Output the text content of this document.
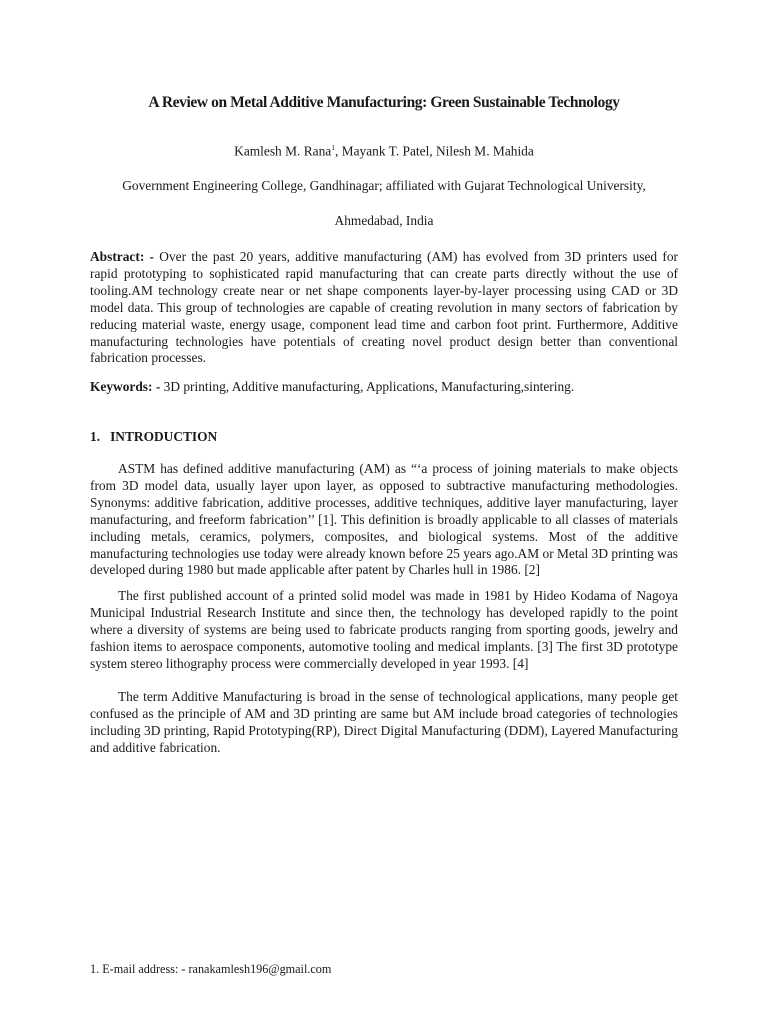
A Review on Metal Additive Manufacturing: Green Sustainable Technology
Kamlesh M. Rana$^1$, Mayank T. Patel, Nilesh M. Mahida
Government Engineering College, Gandhinagar; affiliated with Gujarat Technological University,
Ahmedabad, India

Abstract: - Over the past 20 years, additive manufacturing (AM) has evolved from 3D printers used for rapid prototyping to sophisticated rapid manufacturing that can create parts directly without the use of tooling.AM technology create near or net shape components layer-by-layer processing using CAD or 3D model data. This group of technologies are capable of creating revolution in many sectors of fabrication by reducing material waste, energy usage, component lead time and carbon foot print. Furthermore, Additive manufacturing technologies have potentials of creating novel product design better than conventional fabrication processes.

Keywords: - 3D printing, Additive manufacturing, Applications, Manufacturing,sintering.

1.   INTRODUCTION

ASTM has defined additive manufacturing (AM) as “‘a process of joining materials to make objects from 3D model data, usually layer upon layer, as opposed to subtractive manufacturing methodologies. Synonyms: additive fabrication, additive processes, additive techniques, additive layer manufacturing, layer manufacturing, and freeform fabrication’’ [1]. This definition is broadly applicable to all classes of materials including metals, ceramics, polymers, composites, and biological systems. Most of the additive manufacturing technologies use today were already known before 25 years ago.AM or Metal 3D printing was developed during 1980 but made applicable after patent by Charles hull in 1986. [2]

The first published account of a printed solid model was made in 1981 by Hideo Kodama of Nagoya Municipal Industrial Research Institute and since then, the technology has developed rapidly to the point where a diversity of systems are being used to fabricate products ranging from sporting goods, jewelry and fashion items to aerospace components, automotive tooling and medical implants. [3] The first 3D prototype system stereo lithography process were commercially developed in year 1993. [4]

The term Additive Manufacturing is broad in the sense of technological applications, many people get confused as the principle of AM and 3D printing are same but AM include broad categories of technologies including 3D printing, Rapid Prototyping(RP), Direct Digital Manufacturing (DDM), Layered Manufacturing and additive fabrication.

1. E-mail address: - ranakamlesh196@gmail.com
